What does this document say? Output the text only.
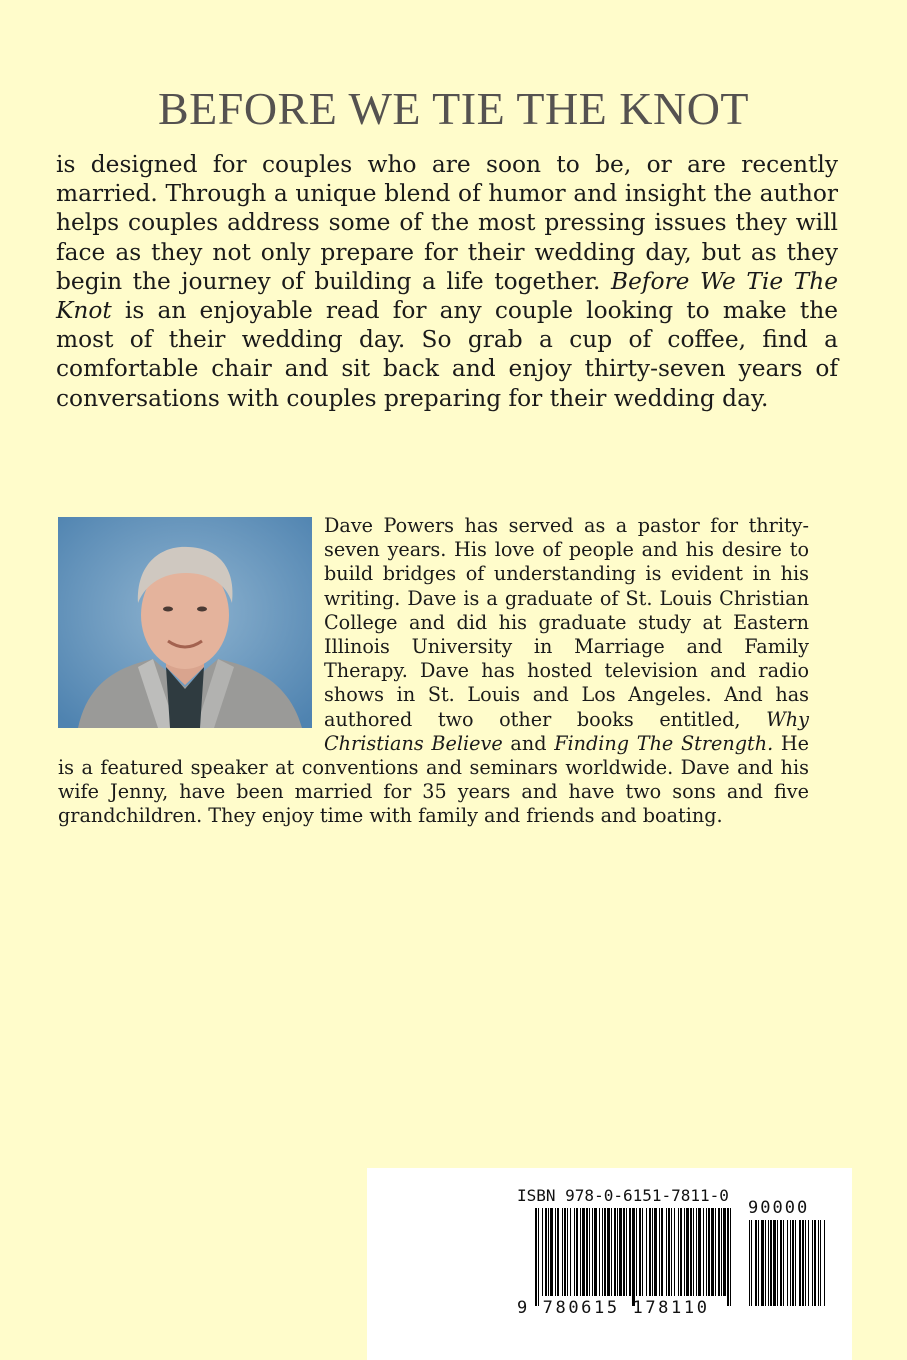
BEFORE WE TIE THE KNOT
is designed for couples who are soon to be, or are recently married. Through a unique blend of humor and insight the author helps couples address some of the most pressing issues they will face as they not only prepare for their wedding day, but as they begin the journey of building a life together. Before We Tie The Knot is an enjoyable read for any couple looking to make the most of their wedding day. So grab a cup of coffee, find a comfortable chair and sit back and enjoy thirty-seven years of conversations with couples preparing for their wedding day.
Dave Powers has served as a pastor for thrity-seven years. His love of people and his desire to build bridges of understanding is evident in his writing. Dave is a graduate of St. Louis Christian College and did his graduate study at Eastern Illinois University in Marriage and Family Therapy. Dave has hosted television and radio shows in St. Louis and Los Angeles. And has authored two other books entitled, Why Christians Believe and Finding The Strength. He is a featured speaker at conventions and seminars worldwide. Dave and his wife Jenny, have been married for 35 years and have two sons and five grandchildren. They enjoy time with family and friends and boating.
ISBN 978-0-6151-7811-0
9 780615 178110
90000
